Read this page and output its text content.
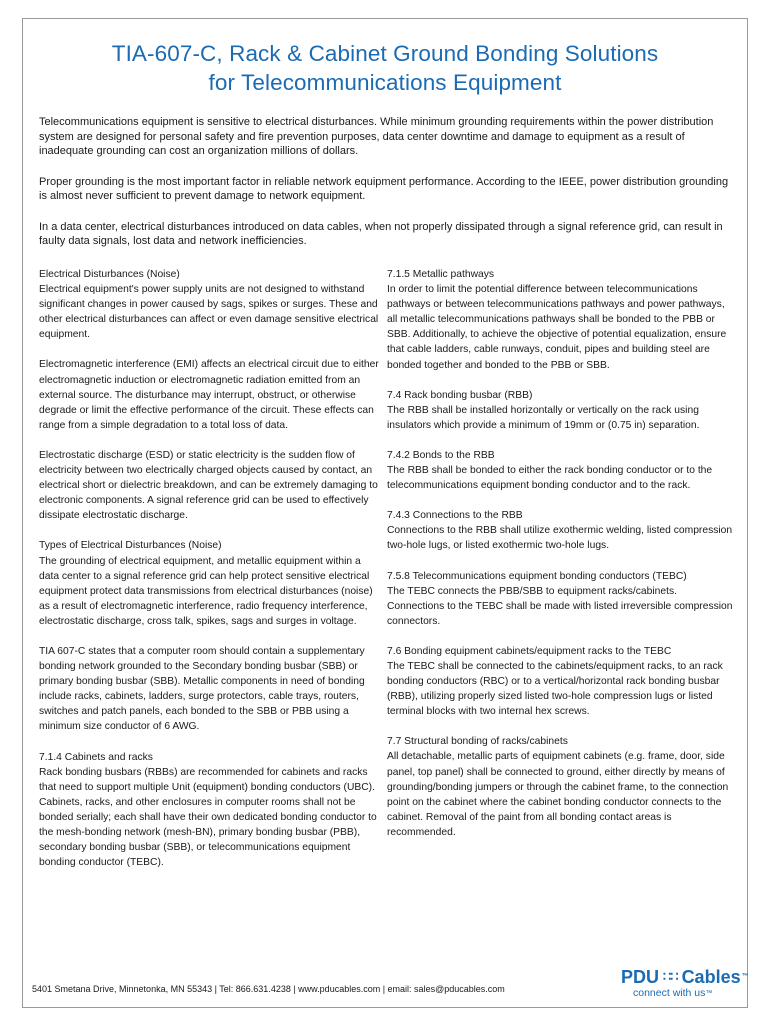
TIA-607-C, Rack & Cabinet Ground Bonding Solutions
for Telecommunications Equipment

Telecommunications equipment is sensitive to electrical disturbances. While minimum grounding requirements within the power distribution system are designed for personal safety and fire prevention purposes, data center downtime and damage to equipment as a result of inadequate grounding can cost an organization millions of dollars.

Proper grounding is the most important factor in reliable network equipment performance. According to the IEEE, power distribution grounding is almost never sufficient to prevent damage to network equipment.

In a data center, electrical disturbances introduced on data cables, when not properly dissipated through a signal reference grid, can result in faulty data signals, lost data and network inefficiencies.

Electrical Disturbances (Noise)

Electrical equipment's power supply units are not designed to withstand significant changes in power caused by sags, spikes or surges. These and other electrical disturbances can affect or even damage sensitive electrical equipment.

Electromagnetic interference (EMI) affects an electrical circuit due to either electromagnetic induction or electromagnetic radiation emitted from an external source. The disturbance may interrupt, obstruct, or otherwise degrade or limit the effective performance of the circuit. These effects can range from a simple degradation to a total loss of data.

Electrostatic discharge (ESD) or static electricity is the sudden flow of electricity between two electrically charged objects caused by contact, an electrical short or dielectric breakdown, and can be extremely damaging to electronic components. A signal reference grid can be used to effectively dissipate electrostatic discharge.

Types of Electrical Disturbances (Noise)

The grounding of electrical equipment, and metallic equipment within a data center to a signal reference grid can help protect sensitive electrical equipment protect data transmissions from electrical disturbances (noise) as a result of electromagnetic interference, radio frequency interference, electrostatic discharge, cross talk, spikes, sags and surges in voltage.

TIA 607-C states that a computer room should contain a supplementary bonding network grounded to the Secondary bonding busbar (SBB) or primary bonding busbar (SBB). Metallic components in need of bonding include racks, cabinets, ladders, surge protectors, cable trays, routers, switches and patch panels, each bonded to the SBB or PBB using a minimum size conductor of 6 AWG.

7.1.4 Cabinets and racks

Rack bonding busbars (RBBs) are recommended for cabinets and racks that need to support multiple Unit (equipment) bonding conductors (UBC). Cabinets, racks, and other enclosures in computer rooms shall not be bonded serially; each shall have their own dedicated bonding conductor to the mesh-bonding network (mesh-BN), primary bonding busbar (PBB), secondary bonding busbar (SBB), or telecommunications equipment bonding conductor (TEBC).

7.1.5 Metallic pathways

In order to limit the potential difference between telecommunications pathways or between telecommunications pathways and power pathways, all metallic telecommunications pathways shall be bonded to the PBB or SBB. Additionally, to achieve the objective of potential equalization, ensure that cable ladders, cable runways, conduit, pipes and building steel are bonded together and bonded to the PBB or SBB.

7.4 Rack bonding busbar (RBB)

The RBB shall be installed horizontally or vertically on the rack using insulators which provide a minimum of 19mm or (0.75 in) separation.

7.4.2 Bonds to the RBB

The RBB shall be bonded to either the rack bonding conductor or to the telecommunications equipment bonding conductor and to the rack.

7.4.3 Connections to the RBB

Connections to the RBB shall utilize exothermic welding, listed compression two-hole lugs, or listed exothermic two-hole lugs.

7.5.8 Telecommunications equipment bonding conductors (TEBC)

The TEBC connects the PBB/SBB to equipment racks/cabinets. Connections to the TEBC shall be made with listed irreversible compression connectors.

7.6 Bonding equipment cabinets/equipment racks to the TEBC

The TEBC shall be connected to the cabinets/equipment racks, to an rack bonding conductors (RBC) or to a vertical/horizontal rack bonding busbar (RBB), utilizing properly sized listed two-hole compression lugs or listed terminal blocks with two internal hex screws.

7.7 Structural bonding of racks/cabinets

All detachable, metallic parts of equipment cabinets (e.g. frame, door, side panel, top panel) shall be connected to ground, either directly by means of grounding/bonding jumpers or through the cabinet frame, to the connection point on the cabinet where the cabinet bonding conductor connects to the cabinet. Removal of the paint from all bonding contact areas is recommended.

5401 Smetana Drive, Minnetonka, MN 55343 | Tel: 866.631.4238 | www.pducables.com | email: sales@pducables.com
PDU ∷∷ Cables ™
connect with us™
